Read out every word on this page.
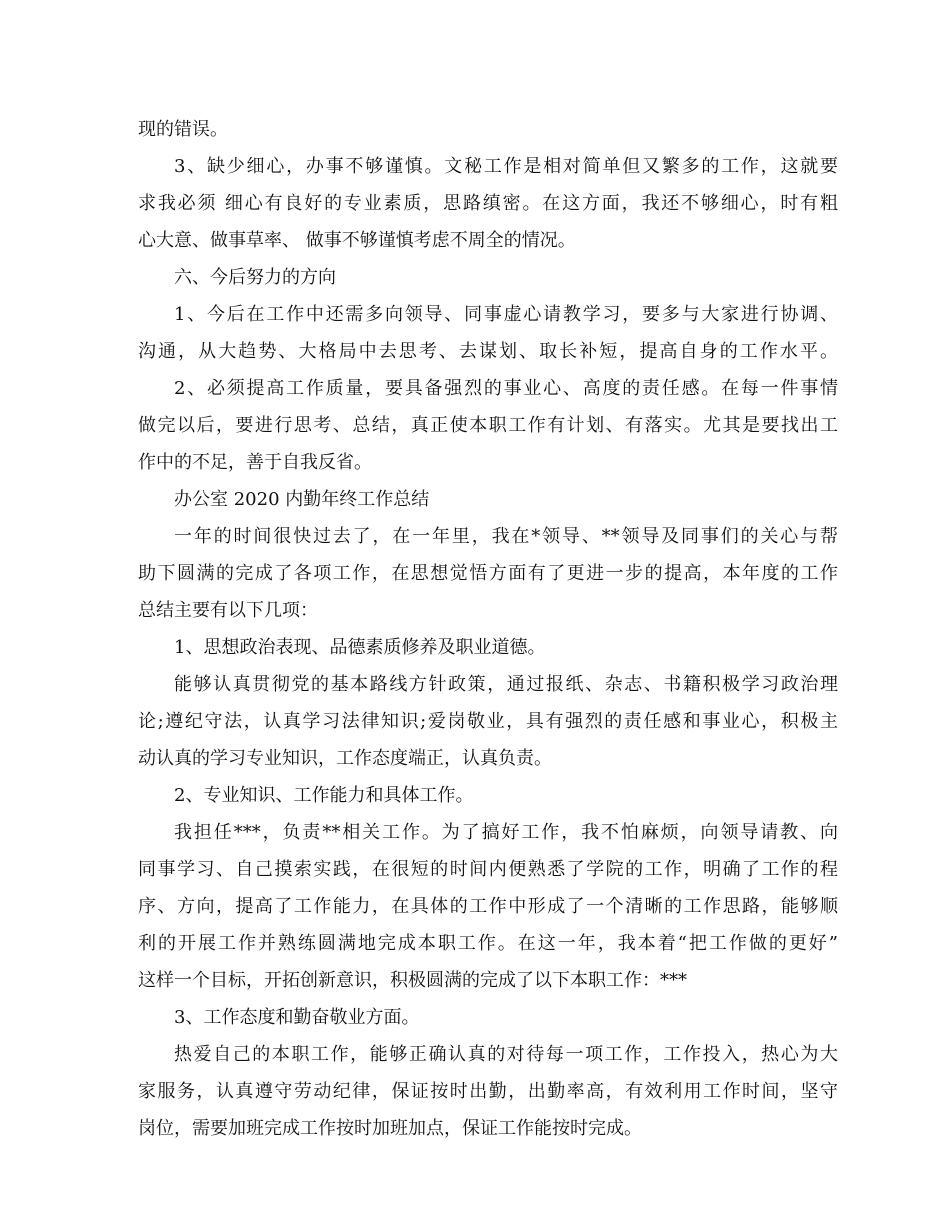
现的错误。
3、缺少细心，办事不够谨慎。文秘工作是相对简单但又繁多的工作，这就要
求我必须 细心有良好的专业素质，思路缜密。在这方面，我还不够细心，时有粗
心大意、做事草率、 做事不够谨慎考虑不周全的情况。
六、今后努力的方向
1、今后在工作中还需多向领导、同事虚心请教学习，要多与大家进行协调、
沟通，从大趋势、大格局中去思考、去谋划、取长补短，提高自身的工作水平。
2、必须提高工作质量，要具备强烈的事业心、高度的责任感。在每一件事情
做完以后，要进行思考、总结，真正使本职工作有计划、有落实。尤其是要找出工
作中的不足，善于自我反省。
办公室 2020 内勤年终工作总结
一年的时间很快过去了，在一年里，我在*领导、**领导及同事们的关心与帮
助下圆满的完成了各项工作，在思想觉悟方面有了更进一步的提高，本年度的工作
总结主要有以下几项：
1、思想政治表现、品德素质修养及职业道德。
能够认真贯彻党的基本路线方针政策，通过报纸、杂志、书籍积极学习政治理
论;遵纪守法，认真学习法律知识;爱岗敬业，具有强烈的责任感和事业心，积极主
动认真的学习专业知识，工作态度端正，认真负责。
2、专业知识、工作能力和具体工作。
我担任***，负责**相关工作。为了搞好工作，我不怕麻烦，向领导请教、向
同事学习、自己摸索实践，在很短的时间内便熟悉了学院的工作，明确了工作的程
序、方向，提高了工作能力，在具体的工作中形成了一个清晰的工作思路，能够顺
利的开展工作并熟练圆满地完成本职工作。在这一年，我本着“把工作做的更好”
这样一个目标，开拓创新意识，积极圆满的完成了以下本职工作：***
3、工作态度和勤奋敬业方面。
热爱自己的本职工作，能够正确认真的对待每一项工作，工作投入，热心为大
家服务，认真遵守劳动纪律，保证按时出勤，出勤率高，有效利用工作时间，坚守
岗位，需要加班完成工作按时加班加点，保证工作能按时完成。
